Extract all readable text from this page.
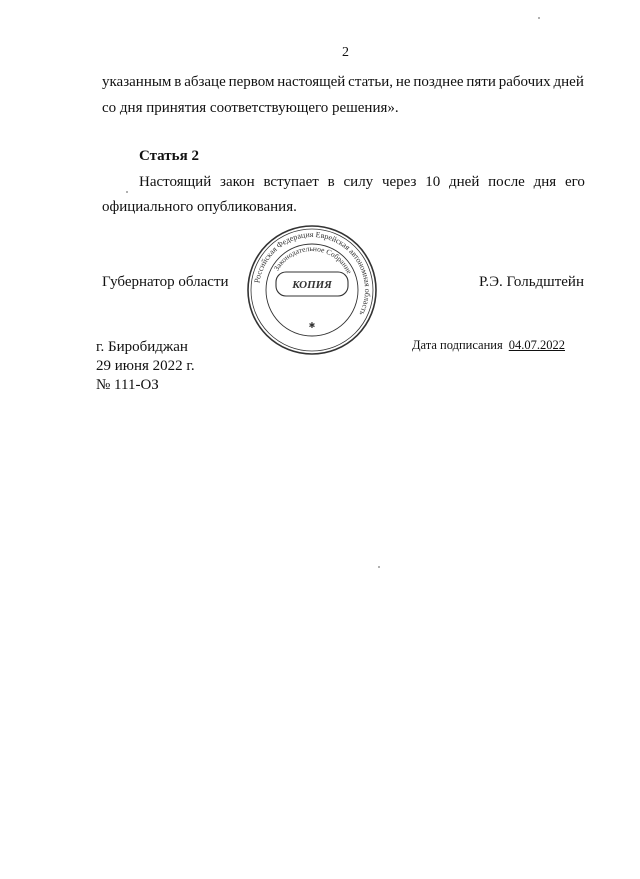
2
указанным в абзаце первом настоящей статьи, не позднее пяти рабочих дней
со дня принятия соответствующего решения».
Статья 2
Настоящий закон вступает в силу через 10 дней после дня его
официального опубликования.
Губернатор области	Р.Э. Гольдштейн
Российская Федерация Еврейская автономная область
Законодательное Собрание
КОПИЯ
✱
г. Биробиджан
29 июня 2022 г.
№ 111-ОЗ
Дата подписания 04.07.2022
